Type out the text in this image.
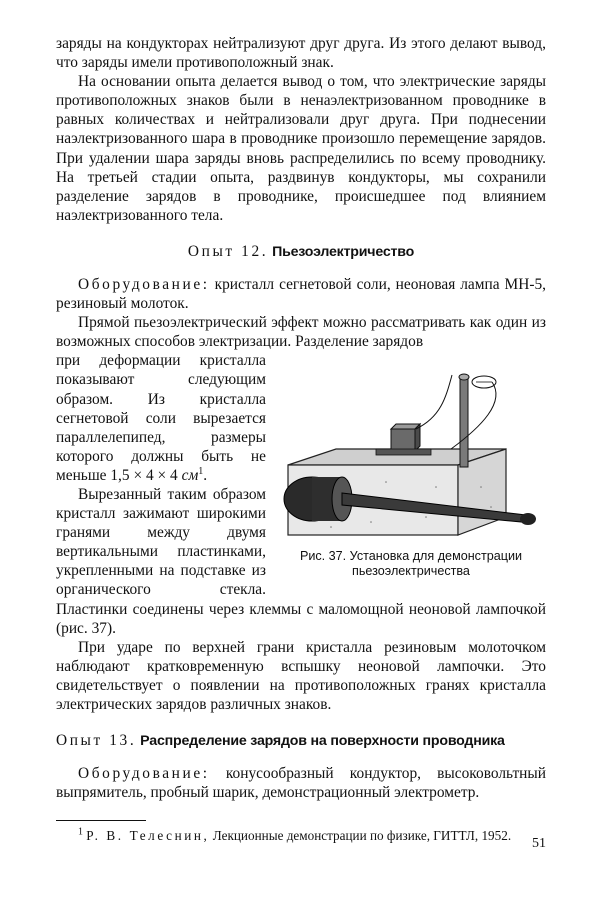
заряды на кондукторах нейтрализуют друг друга. Из этого делают вывод, что заряды имели противоположный знак.

На основании опыта делается вывод о том, что электрические заряды противоположных знаков были в ненаэлектризованном проводнике в равных количествах и нейтрализовали друг друга. При поднесении наэлектризованного шара в проводнике произошло перемещение зарядов. При удалении шара заряды вновь распределились по всему проводнику. На третьей стадии опыта, раздвинув кондукторы, мы сохранили разделение зарядов в проводнике, происшедшее под влиянием наэлектризованного тела.

Опыт 12. Пьезоэлектричество

Оборудование: кристалл сегнетовой соли, неоновая лампа МН-5, резиновый молоток.

Прямой пьезоэлектрический эффект можно рассматривать как один из возможных способов электризации. Разделение зарядов

Рис. 37. Установка для демонстрации пьезоэлектричества

при деформации кристалла показывают следующим образом. Из кристалла сегнетовой соли вырезается параллелепипед, размеры которого должны быть не меньше 1,5 × 4 × 4 $см^1$.

Вырезанный таким образом кристалл зажимают широкими гранями между двумя вертикальными пластинками, укрепленными на подставке из органического стекла. Пластинки соединены через клеммы с маломощной неоновой лампочкой (рис. 37).

При ударе по верхней грани кристалла резиновым молоточком наблюдают кратковременную вспышку неоновой лампочки. Это свидетельствует о появлении на противоположных гранях кристалла электрических зарядов различных знаков.

Опыт 13. Распределение зарядов на поверхности проводника

Оборудование: конусообразный кондуктор, высоковольтный выпрямитель, пробный шарик, демонстрационный электрометр.

$^1$ Р. В. Телеснин, Лекционные демонстрации по физике, ГИТТЛ, 1952.

51
